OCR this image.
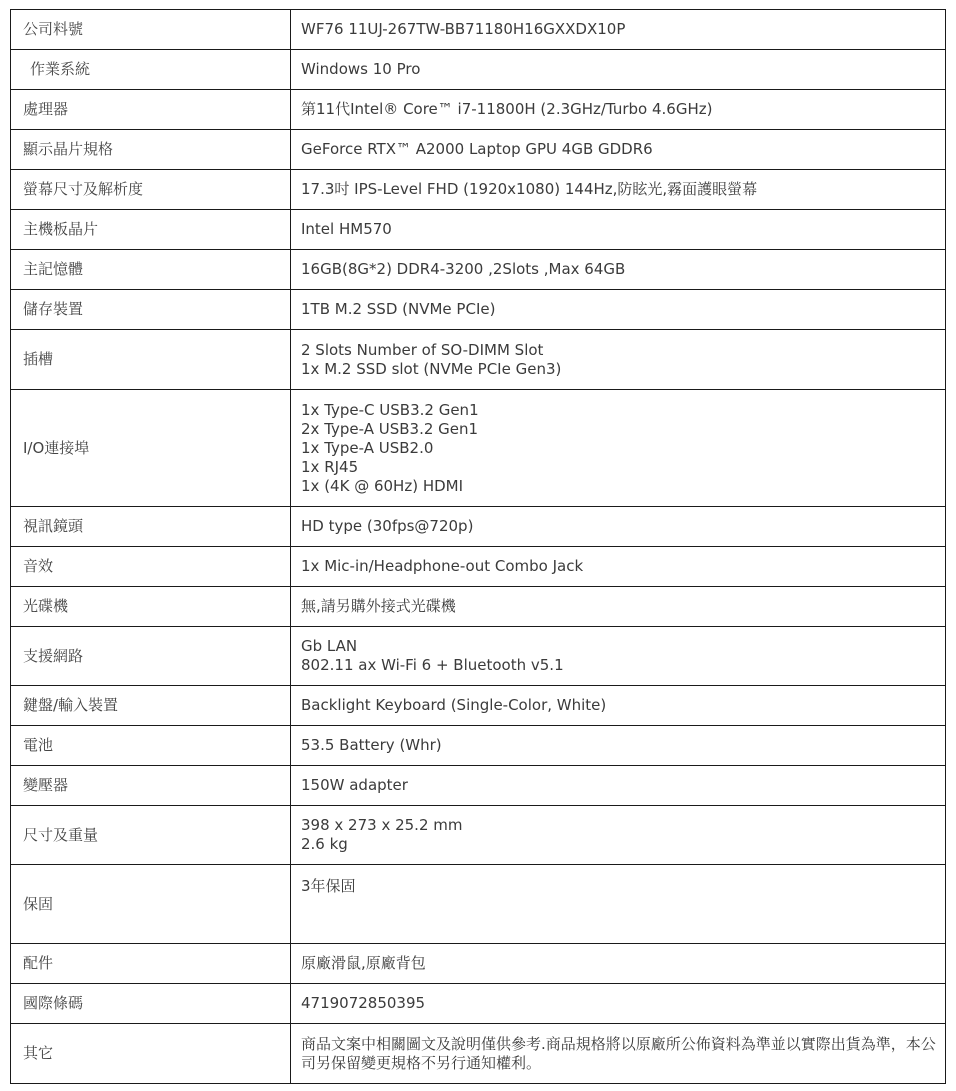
公司料號	WF76 11UJ-267TW-BB71180H16GXXDX10P

作業系統	Windows 10 Pro

處理器	第11代Intel® Core™ i7-11800H (2.3GHz/Turbo 4.6GHz)

顯示晶片規格	GeForce RTX™ A2000 Laptop GPU 4GB GDDR6

螢幕尺寸及解析度	17.3吋 IPS-Level FHD (1920x1080) 144Hz,防眩光,霧面護眼螢幕

主機板晶片	Intel HM570

主記憶體	16GB(8G*2) DDR4-3200 ,2Slots ,Max 64GB

儲存裝置	1TB M.2 SSD (NVMe PCIe)

插槽	2 Slots Number of SO-DIMM Slot
1x M.2 SSD slot (NVMe PCIe Gen3)

I/O連接埠	1x Type-C USB3.2 Gen1
2x Type-A USB3.2 Gen1
1x Type-A USB2.0
1x RJ45
1x (4K @ 60Hz) HDMI

視訊鏡頭	HD type (30fps@720p)

音效	1x Mic-in/Headphone-out Combo Jack

光碟機	無,請另購外接式光碟機

支援網路	Gb LAN
802.11 ax Wi-Fi 6 + Bluetooth v5.1

鍵盤/輸入裝置	Backlight Keyboard (Single-Color, White)

電池	53.5 Battery (Whr)

變壓器	150W adapter

尺寸及重量	398 x 273 x 25.2 mm
2.6 kg

保固	3年保固

配件	原廠滑鼠,原廠背包

國際條碼	4719072850395

其它	商品文案中相關圖文及說明僅供參考.商品規格將以原廠所公佈資料為準並以實際出貨為準，本公司另保留變更規格不另行通知權利。
